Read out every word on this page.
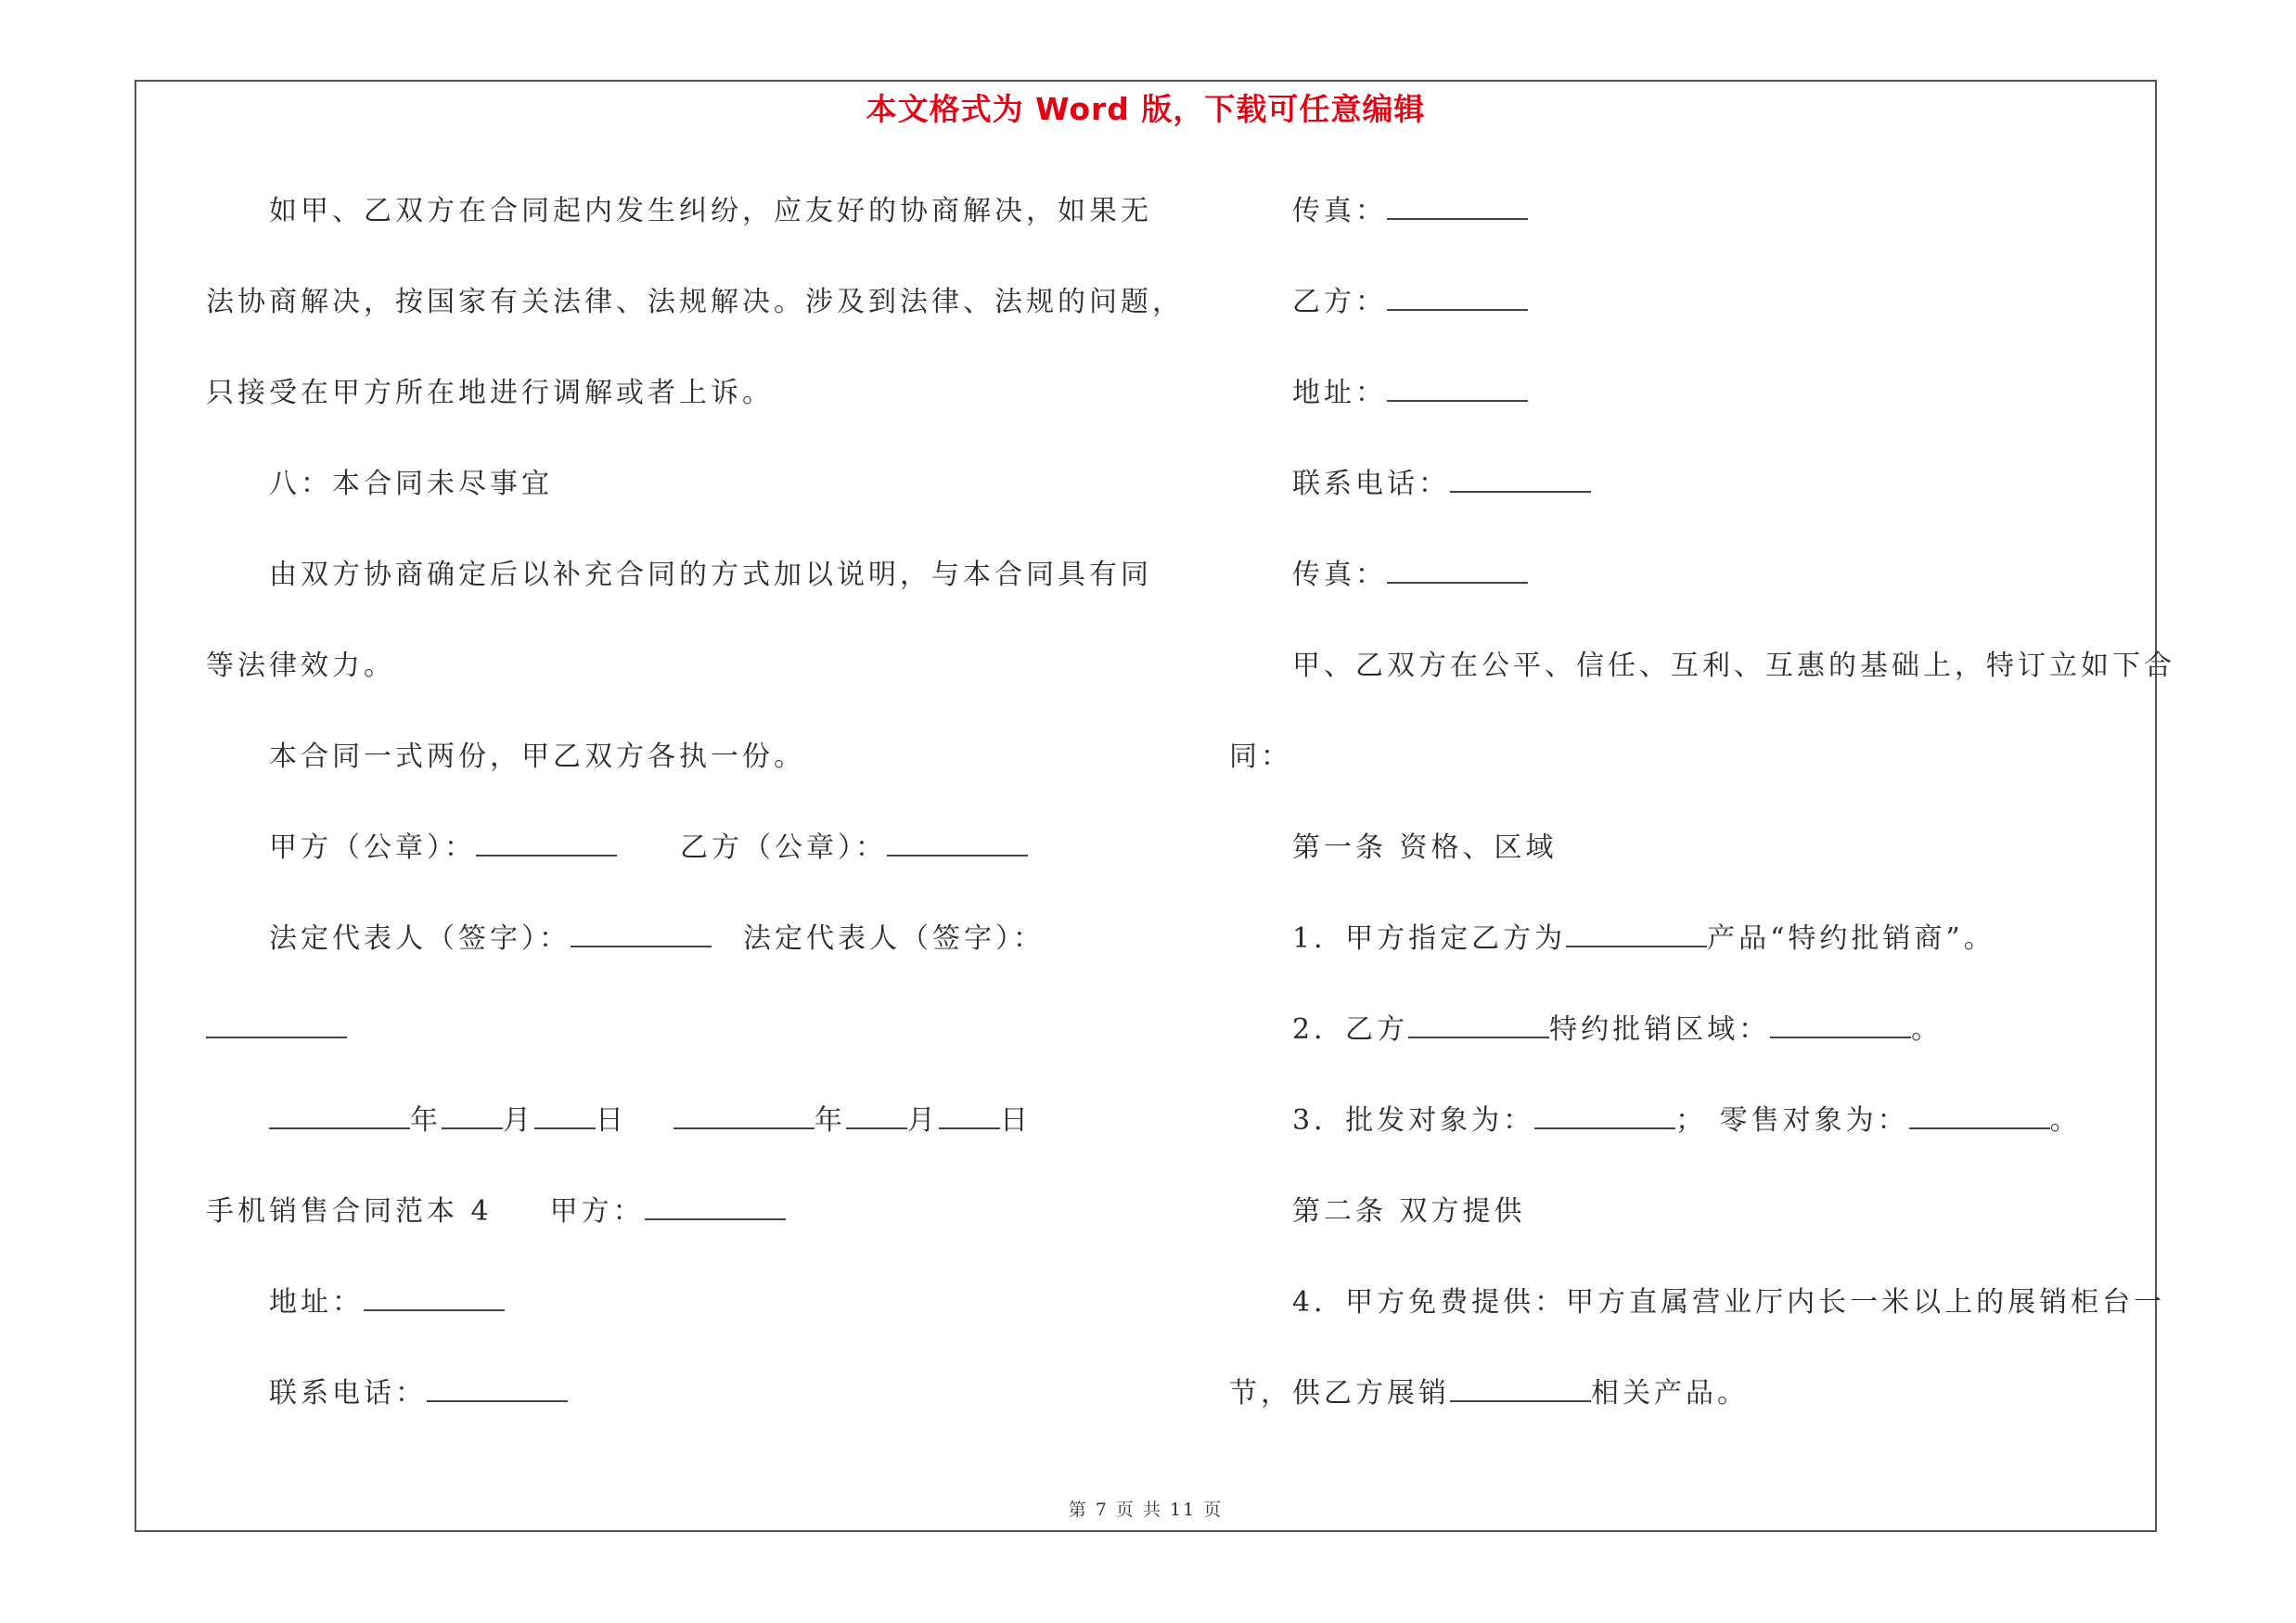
本文格式为 Word 版，下载可任意编辑
如甲、乙双方在合同起内发生纠纷，应友好的协商解决，如果无
法协商解决，按国家有关法律、法规解决。涉及到法律、法规的问题，
只接受在甲方所在地进行调解或者上诉。
八：本合同未尽事宜
由双方协商确定后以补充合同的方式加以说明，与本合同具有同
等法律效力。
本合同一式两份，甲乙双方各执一份。
甲方（公章）：	乙方（公章）：
法定代表人（签字）：	法定代表人（签字）：
年 月 日	年 月 日
手机销售合同范本 4 甲方：
地址：
联系电话：
传真：
乙方：
地址：
联系电话：
传真：
甲、乙双方在公平、信任、互利、互惠的基础上，特订立如下合
同：
第一条 资格、区域
1．甲方指定乙方为	产品“特约批销商”。
2．乙方	特约批销区域：	。
3．批发对象为：	； 零售对象为：	。
第二条 双方提供
4．甲方免费提供：甲方直属营业厅内长一米以上的展销柜台一
节，供乙方展销	相关产品。
第 7 页 共 11 页
